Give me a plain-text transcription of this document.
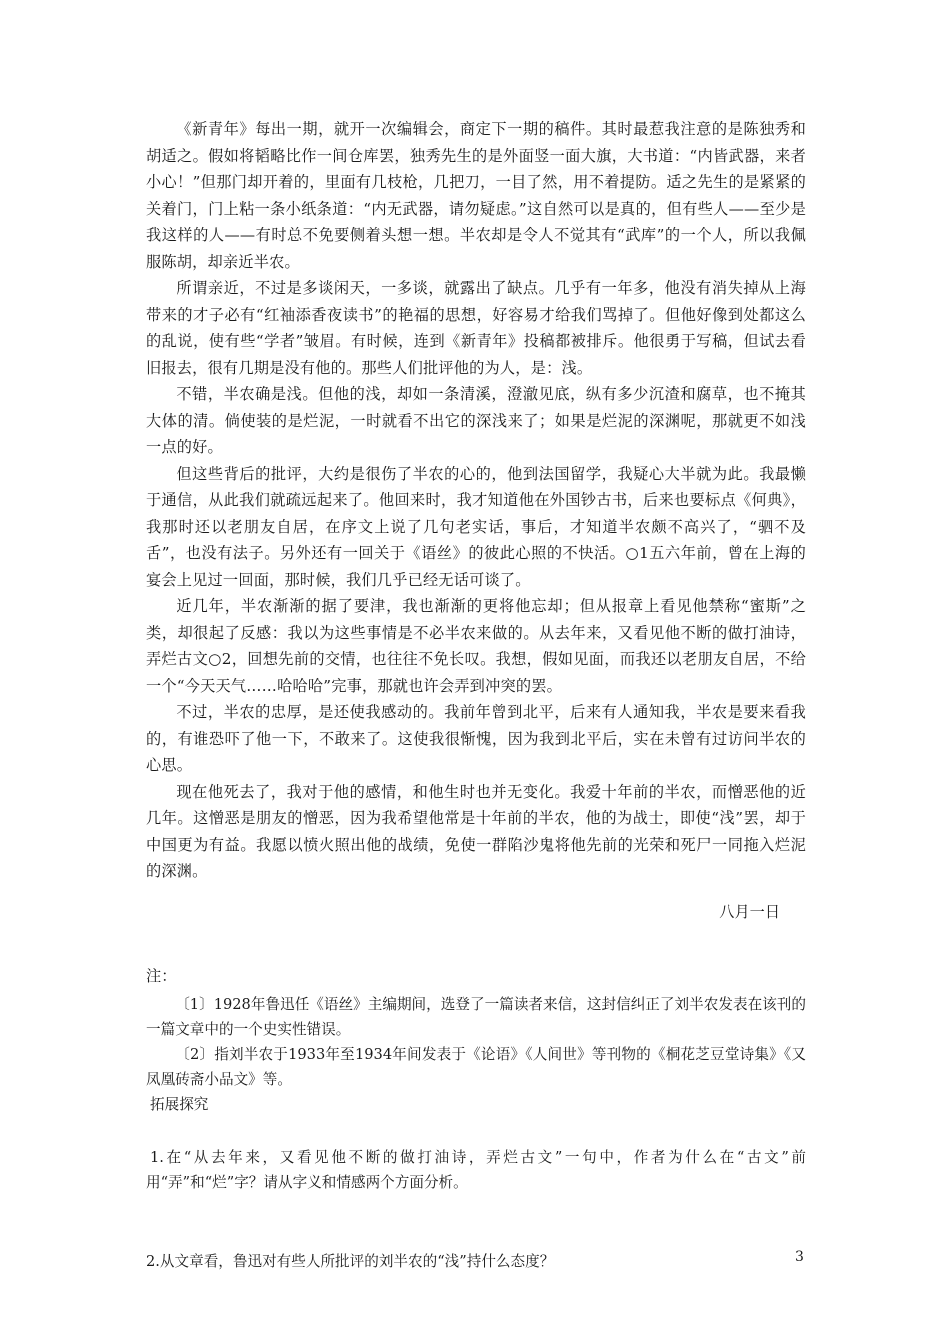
《新青年》每出一期，就开一次编辑会，商定下一期的稿件。其时最惹我注意的是陈独秀和胡适之。假如将韬略比作一间仓库罢，独秀先生的是外面竖一面大旗，大书道：“内皆武器，来者小心！”但那门却开着的，里面有几枝枪，几把刀，一目了然，用不着提防。适之先生的是紧紧的关着门，门上粘一条小纸条道：“内无武器，请勿疑虑。”这自然可以是真的，但有些人——至少是我这样的人——有时总不免要侧着头想一想。半农却是令人不觉其有“武库”的一个人，所以我佩服陈胡，却亲近半农。

所谓亲近，不过是多谈闲天，一多谈，就露出了缺点。几乎有一年多，他没有消失掉从上海带来的才子必有“红袖添香夜读书”的艳福的思想，好容易才给我们骂掉了。但他好像到处都这么的乱说，使有些“学者”皱眉。有时候，连到《新青年》投稿都被排斥。他很勇于写稿，但试去看旧报去，很有几期是没有他的。那些人们批评他的为人，是：浅。

不错，半农确是浅。但他的浅，却如一条清溪，澄澈见底，纵有多少沉渣和腐草，也不掩其大体的清。倘使装的是烂泥，一时就看不出它的深浅来了；如果是烂泥的深渊呢，那就更不如浅一点的好。

但这些背后的批评，大约是很伤了半农的心的，他到法国留学，我疑心大半就为此。我最懒于通信，从此我们就疏远起来了。他回来时，我才知道他在外国钞古书，后来也要标点《何典》，我那时还以老朋友自居，在序文上说了几句老实话，事后，才知道半农颇不高兴了，“驷不及舌”，也没有法子。另外还有一回关于《语丝》的彼此心照的不快活。○1五六年前，曾在上海的宴会上见过一回面，那时候，我们几乎已经无话可谈了。

近几年，半农渐渐的据了要津，我也渐渐的更将他忘却；但从报章上看见他禁称“蜜斯”之类，却很起了反感：我以为这些事情是不必半农来做的。从去年来，又看见他不断的做打油诗，弄烂古文○2，回想先前的交情，也往往不免长叹。我想，假如见面，而我还以老朋友自居，不给一个“今天天气……哈哈哈”完事，那就也许会弄到冲突的罢。

不过，半农的忠厚，是还使我感动的。我前年曾到北平，后来有人通知我，半农是要来看我的，有谁恐吓了他一下，不敢来了。这使我很惭愧，因为我到北平后，实在未曾有过访问半农的心思。

现在他死去了，我对于他的感情，和他生时也并无变化。我爱十年前的半农，而憎恶他的近几年。这憎恶是朋友的憎恶，因为我希望他常是十年前的半农，他的为战士，即使“浅”罢，却于中国更为有益。我愿以愤火照出他的战绩，免使一群陷沙鬼将他先前的光荣和死尸一同拖入烂泥的深渊。

八月一日

注：

〔1〕1928年鲁迅任《语丝》主编期间，选登了一篇读者来信，这封信纠正了刘半农发表在该刊的一篇文章中的一个史实性错误。

〔2〕指刘半农于1933年至1934年间发表于《论语》《人间世》等刊物的《桐花芝豆堂诗集》《又凤凰砖斋小品文》等。

拓展探究

1.在“从去年来，又看见他不断的做打油诗，弄烂古文”一句中，作者为什么在“古文”前用“弄”和“烂”字？请从字义和情感两个方面分析。

2.从文章看，鲁迅对有些人所批评的刘半农的“浅”持什么态度？	3
